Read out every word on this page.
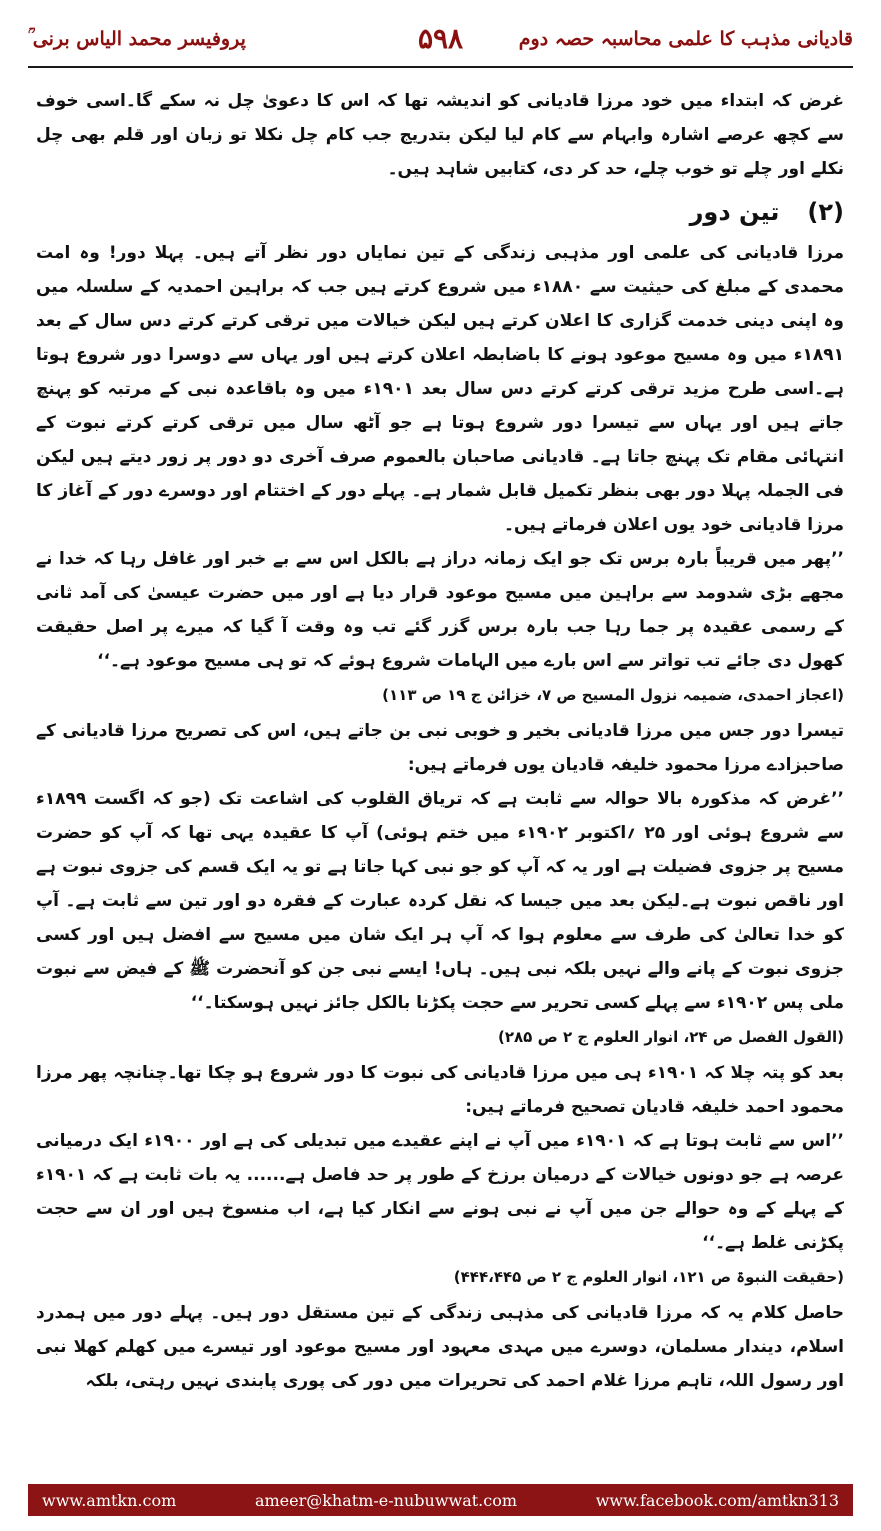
قادیانی مذہب کا علمی محاسبہ حصہ دوم
۵۹۸
پروفیسر محمد الیاس برنی ؒ

غرض کہ ابتداء میں خود مرزا قادیانی کو اندیشہ تھا کہ اس کا دعویٰ چل نہ سکے گا۔اسی خوف سے کچھ عرصے اشارہ وابہام سے کام لیا لیکن بتدریج جب کام چل نکلا تو زبان اور قلم بھی چل نکلے اور چلے تو خوب چلے، حد کر دی، کتابیں شاہد ہیں۔

(۲)
تین دور

مرزا قادیانی کی علمی اور مذہبی زندگی کے تین نمایاں دور نظر آتے ہیں۔ پہلا دور! وہ امت محمدی کے مبلغ کی حیثیت سے ۱۸۸۰ء میں شروع کرتے ہیں جب کہ براہین احمدیہ کے سلسلہ میں وہ اپنی دینی خدمت گزاری کا اعلان کرتے ہیں لیکن خیالات میں ترقی کرتے کرتے دس سال کے بعد ۱۸۹۱ء میں وہ مسیح موعود ہونے کا باضابطہ اعلان کرتے ہیں اور یہاں سے دوسرا دور شروع ہوتا ہے۔اسی طرح مزید ترقی کرتے کرتے دس سال بعد ۱۹۰۱ء میں وہ باقاعدہ نبی کے مرتبہ کو پہنچ جاتے ہیں اور یہاں سے تیسرا دور شروع ہوتا ہے جو آٹھ سال میں ترقی کرتے کرتے نبوت کے انتہائی مقام تک پہنچ جاتا ہے۔ قادیانی صاحبان بالعموم صرف آخری دو دور پر زور دیتے ہیں لیکن فی الجملہ پہلا دور بھی بنظر تکمیل قابل شمار ہے۔ پہلے دور کے اختتام اور دوسرے دور کے آغاز کا مرزا قادیانی خود یوں اعلان فرماتے ہیں۔

’’پھر میں قریباً بارہ برس تک جو ایک زمانہ دراز ہے بالکل اس سے بے خبر اور غافل رہا کہ خدا نے مجھے بڑی شدومد سے براہین میں مسیح موعود قرار دیا ہے اور میں حضرت عیسیٰ کی آمد ثانی کے رسمی عقیدہ پر جما رہا جب بارہ برس گزر گئے تب وہ وقت آ گیا کہ میرے پر اصل حقیقت کھول دی جائے تب تواتر سے اس بارے میں الہامات شروع ہوئے کہ تو ہی مسیح موعود ہے۔‘‘

(اعجاز احمدی، ضمیمہ نزول المسیح ص ۷، خزائن ج ۱۹ ص ۱۱۳)

تیسرا دور جس میں مرزا قادیانی بخیر و خوبی نبی بن جاتے ہیں، اس کی تصریح مرزا قادیانی کے صاحبزادے مرزا محمود خلیفہ قادیان یوں فرماتے ہیں:

’’غرض کہ مذکورہ بالا حوالہ سے ثابت ہے کہ تریاق القلوب کی اشاعت تک (جو کہ اگست ۱۸۹۹ء سے شروع ہوئی اور ۲۵ ؍اکتوبر ۱۹۰۲ء میں ختم ہوئی) آپ کا عقیدہ یہی تھا کہ آپ کو حضرت مسیح پر جزوی فضیلت ہے اور یہ کہ آپ کو جو نبی کہا جاتا ہے تو یہ ایک قسم کی جزوی نبوت ہے اور ناقص نبوت ہے۔لیکن بعد میں جیسا کہ نقل کردہ عبارت کے فقرہ دو اور تین سے ثابت ہے۔ آپ کو خدا تعالیٰ کی طرف سے معلوم ہوا کہ آپ ہر ایک شان میں مسیح سے افضل ہیں اور کسی جزوی نبوت کے پانے والے نہیں بلکہ نبی ہیں۔ ہاں! ایسے نبی جن کو آنحضرت ﷺ کے فیض سے نبوت ملی پس ۱۹۰۲ء سے پہلے کسی تحریر سے حجت پکڑنا بالکل جائز نہیں ہوسکتا۔‘‘

(القول الفصل ص ۲۴، انوار العلوم ج ۲ ص ۲۸۵)

بعد کو پتہ چلا کہ ۱۹۰۱ء ہی میں مرزا قادیانی کی نبوت کا دور شروع ہو چکا تھا۔چنانچہ پھر مرزا محمود احمد خلیفہ قادیان تصحیح فرماتے ہیں:

’’اس سے ثابت ہوتا ہے کہ ۱۹۰۱ء میں آپ نے اپنے عقیدے میں تبدیلی کی ہے اور ۱۹۰۰ء ایک درمیانی عرصہ ہے جو دونوں خیالات کے درمیان برزخ کے طور پر حد فاصل ہے...... یہ بات ثابت ہے کہ ۱۹۰۱ء کے پہلے کے وہ حوالے جن میں آپ نے نبی ہونے سے انکار کیا ہے، اب منسوخ ہیں اور ان سے حجت پکڑنی غلط ہے۔‘‘

(حقیقت النبوۃ ص ۱۲۱، انوار العلوم ج ۲ ص ۴۴۴،۴۴۵)

حاصل کلام یہ کہ مرزا قادیانی کی مذہبی زندگی کے تین مستقل دور ہیں۔ پہلے دور میں ہمدرد اسلام، دیندار مسلمان، دوسرے میں مہدی معہود اور مسیح موعود اور تیسرے میں کھلم کھلا نبی اور رسول اللہ، تاہم مرزا غلام احمد کی تحریرات میں دور کی پوری پابندی نہیں رہتی، بلکہ

www.amtkn.com	ameer@khatm-e-nubuwwat.com	www.facebook.com/amtkn313
